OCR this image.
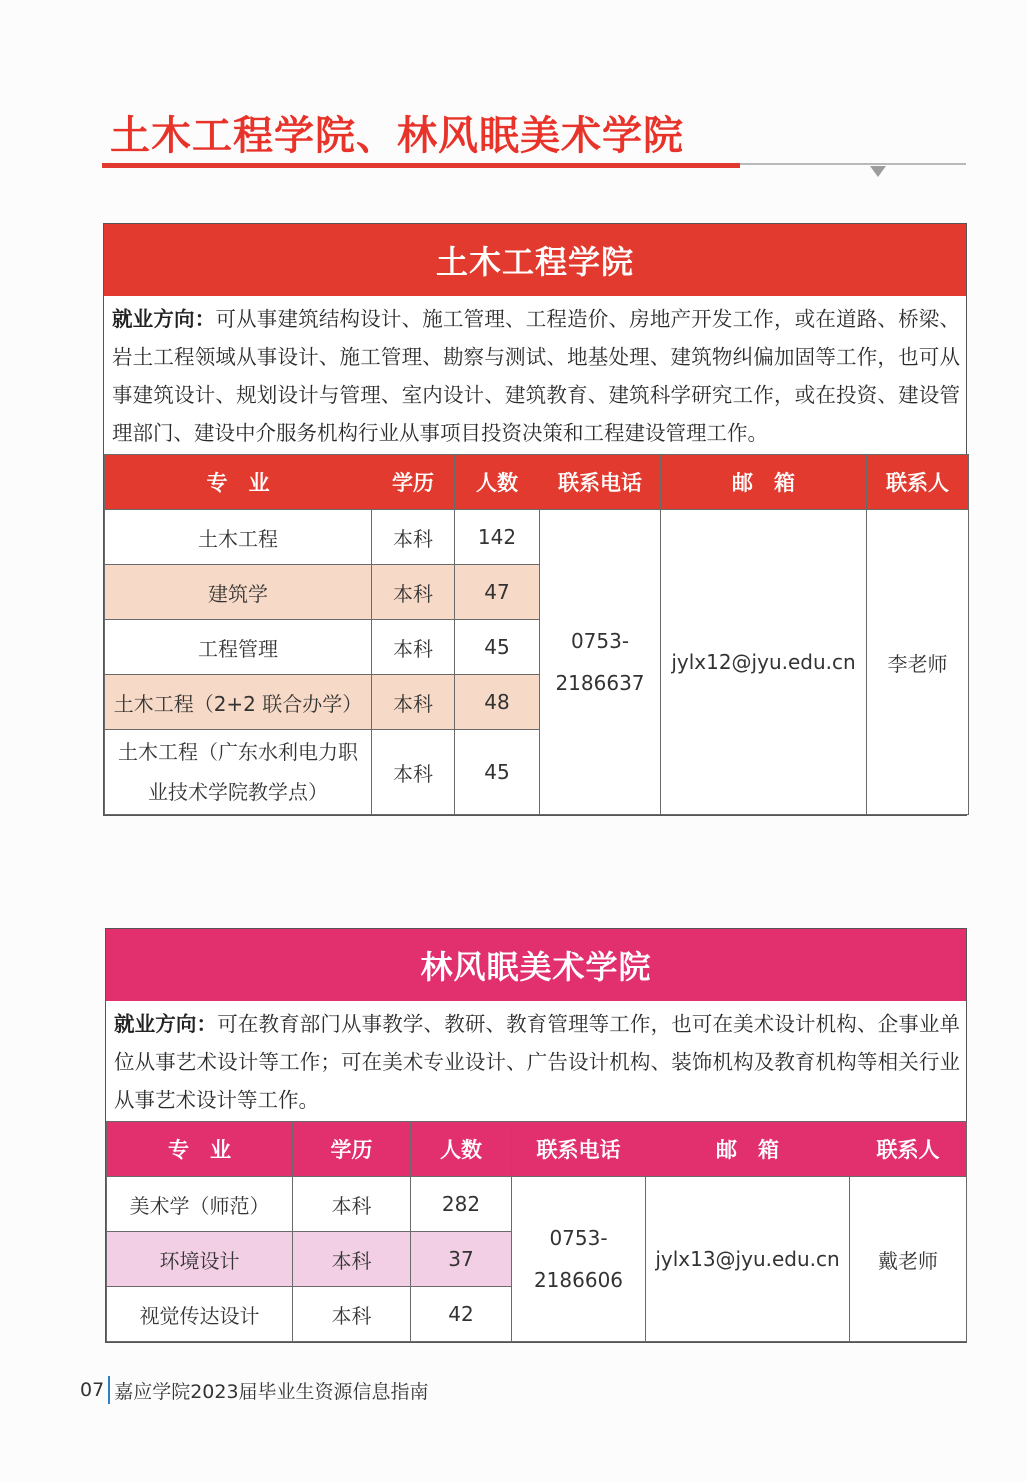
土木工程学院、林风眠美术学院
土木工程学院
就业方向：可从事建筑结构设计、施工管理、工程造价、房地产开发工作，或在道路、桥梁、岩土工程领域从事设计、施工管理、勘察与测试、地基处理、建筑物纠偏加固等工作，也可从事建筑设计、规划设计与管理、室内设计、建筑教育、建筑科学研究工作，或在投资、建设管理部门、建设中介服务机构行业从事项目投资决策和工程建设管理工作。
专　业	学历	人数	联系电话	邮　箱	联系人
土木工程	本科	142	0753-2186637	jylx12@jyu.edu.cn	李老师
建筑学	本科	47			
工程管理	本科	45			
土木工程（2+2 联合办学）	本科	48			
土木工程（广东水利电力职业技术学院教学点）	本科	45			
林风眠美术学院
就业方向：可在教育部门从事教学、教研、教育管理等工作，也可在美术设计机构、企事业单位从事艺术设计等工作；可在美术专业设计、广告设计机构、装饰机构及教育机构等相关行业从事艺术设计等工作。
专　业	学历	人数	联系电话	邮　箱	联系人
美术学（师范）	本科	282	0753-2186606	jylx13@jyu.edu.cn	戴老师
环境设计	本科	37			
视觉传达设计	本科	42			
07 嘉应学院2023届毕业生资源信息指南
